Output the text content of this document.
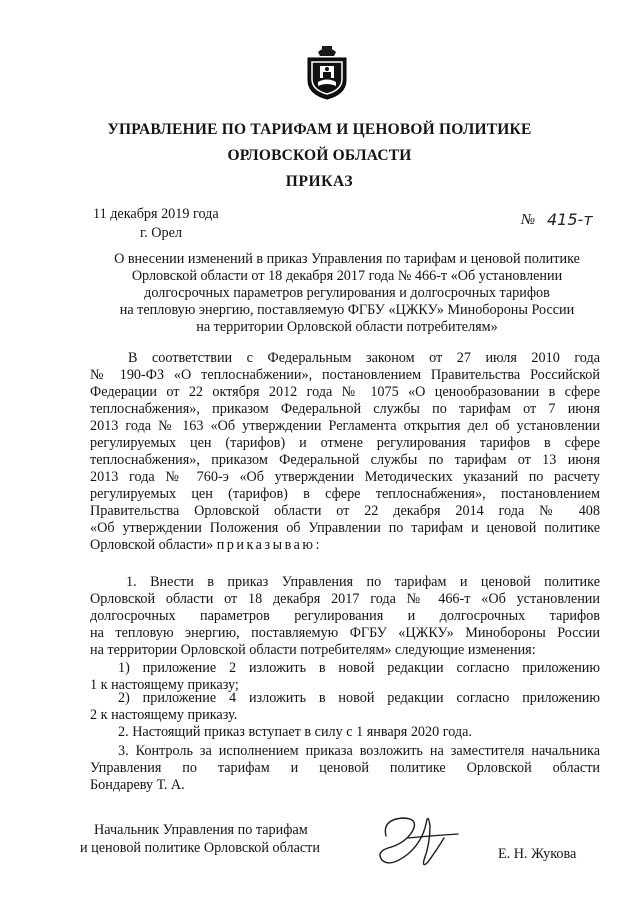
УПРАВЛЕНИЕ ПО ТАРИФАМ И ЦЕНОВОЙ ПОЛИТИКЕ
ОРЛОВСКОЙ ОБЛАСТИ
ПРИКАЗ
11 декабря 2019 года
г. Орел
№ 415-т
О внесении изменений в приказ Управления по тарифам и ценовой политике
Орловской области от 18 декабря 2017 года № 466-т «Об установлении
долгосрочных параметров регулирования и долгосрочных тарифов
на тепловую энергию, поставляемую ФГБУ «ЦЖКУ» Минобороны России
на территории Орловской области потребителям»
В соответствии с Федеральным законом от 27 июля 2010 года
№ 190-ФЗ «О теплоснабжении», постановлением Правительства Российской
Федерации от 22 октября 2012 года № 1075 «О ценообразовании в сфере
теплоснабжения», приказом Федеральной службы по тарифам от 7 июня
2013 года № 163 «Об утверждении Регламента открытия дел об установлении
регулируемых цен (тарифов) и отмене регулирования тарифов в сфере
теплоснабжения», приказом Федеральной службы по тарифам от 13 июня
2013 года № 760-э «Об утверждении Методических указаний по расчету
регулируемых цен (тарифов) в сфере теплоснабжения», постановлением
Правительства Орловской области от 22 декабря 2014 года № 408
«Об утверждении Положения об Управлении по тарифам и ценовой политике
Орловской области» приказываю:
1. Внести в приказ Управления по тарифам и ценовой политике
Орловской области от 18 декабря 2017 года № 466-т «Об установлении
долгосрочных параметров регулирования и долгосрочных тарифов
на тепловую энергию, поставляемую ФГБУ «ЦЖКУ» Минобороны России
на территории Орловской области потребителям» следующие изменения:
1) приложение 2 изложить в новой редакции согласно приложению
1 к настоящему приказу;
2) приложение 4 изложить в новой редакции согласно приложению
2 к настоящему приказу.
2. Настоящий приказ вступает в силу с 1 января 2020 года.
3. Контроль за исполнением приказа возложить на заместителя начальника
Управления по тарифам и ценовой политике Орловской области
Бондареву Т. А.
Начальник Управления по тарифам
и ценовой политике Орловской области	Е. Н. Жукова
